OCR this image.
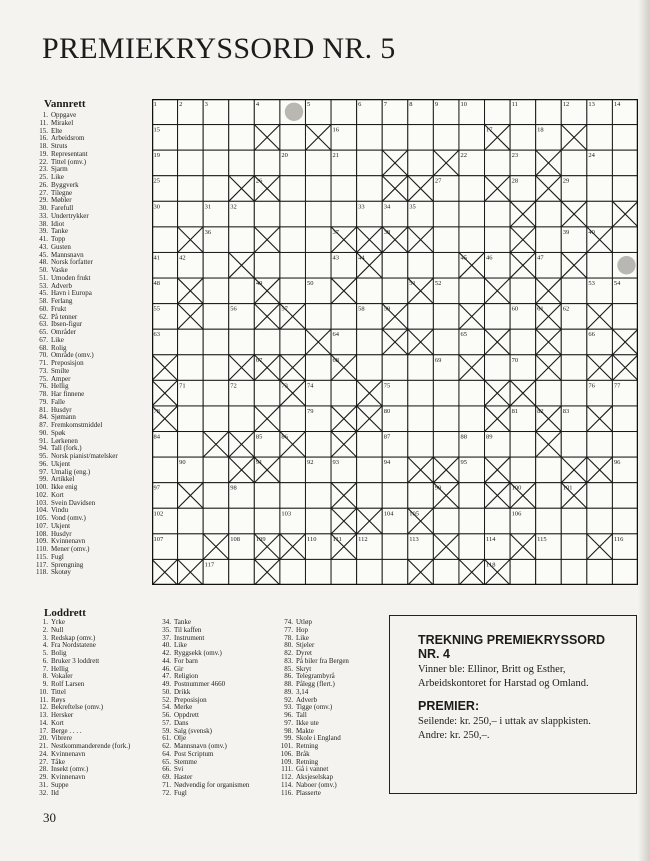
PREMIEKRYSSORD NR. 5
Vannrett
1. Oppgave
11. Mirakel
15. Elte
16. Arbeidsrom
18. Struts
19. Representant
22. Tittel (omv.)
23. Sjarm
25. Like
26. Byggverk
27. Tilegne
29. Møbler
30. Farefull
33. Undertrykker
38. Idiot
39. Tanke
41. Topp
43. Gusten
45. Mannsnavn
48. Norsk forfatter
50. Vaske
51. Umoden frukt
53. Adverb
45. Havn i Europa
58. Ferlang
60. Frukt
62. På tenner
63. Ibsen-figur
65. Områder
67. Like
68. Rolig
70. Område (omv.)
71. Preposisjon
73. Smilte
75. Amper
76. Hellig
78. Har finnene
79. Falle
81. Husdyr
84. Sjømann
87. Fremkomstmiddel
90. Spøk
91. Lørkenen
94. Tall (fork.)
95. Norsk pianist/matelsker
96. Ukjent
97. Umalig (eng.)
99. Artikkel
100. Ikke enig
102. Kort
103. Svein Davidsen
104. Vindu
105. Vond (omv.)
107. Ukjent
108. Husdyr
109. Kvinnenavn
110. Mener (omv.)
115. Fugl
117. Sprengning
118. Skotøy
1	2	3	4	5	6	7	8	9	10	11	12	13	14
15	16	17	18
19	20	21	22	23	24
25	26	27	28	29
30	31	32	33	34	35
36	37	38	39	40
41	42	43	44	45	46	47
48	49	50	51	52	53	54
55	56	57	58	59	60	61	62
63	64	65	66
67	68	69	70
71	72	73	74	75	76	77
78	79	80	81	82	83
84	85	86	87	88	89
90	91	92	93	94	95	96
97	98	99	100	101
102	103	104 105	106
107	108 109	110 111	112	113	114	115	116
117	118
Loddrett
1. Yrke
2. Null
3. Redskap (omv.)
4. Fra Nordstatene
5. Bolig
6. Bruker 3 loddrett
7. Hellig
8. Vokaler
9. Rolf Larsen
10. Tittel
11. Røys
12. Bekreftelse (omv.)
13. Hersker
14. Kort
17. Berge . . . .
20. Vibrere
21. Nestkommanderende (fork.)
24. Kvinnenavn
27. Tåke
28. Insekt (omv.)
29. Kvinnenavn
31. Suppe
32. Ild
34. Tanke
35. Til kaffen
37. Instrument
40. Like
42. Ryggsekk (omv.)
44. For barn
46. Gir
47. Religion
49. Postnummer 4660
50. Drikk
52. Preposisjon
54. Merke
56. Oppdrett
57. Dans
59. Salg (svensk)
61. Olje
62. Mannsnavn (omv.)
64. Post Scriptum
65. Stemme
66. Svi
69. Haster
71. Nødvendig for organismen
72. Fugl
74. Utløp
77. Hop
78. Like
80. Stjeler
82. Dyret
83. På biler fra Bergen
85. Skryt
86. Telegrambyrå
88. Pålegg (flert.)
89. 3,14
92. Adverb
93. Tigge (omv.)
96. Tall
97. Ikke ute
98. Makte
99. Skole i England
101. Retning
106. Bråk
109. Retning
111. Gå i vannet
112. Aksjeselskap
114. Naboer (omv.)
116. Plasserte
TREKNING PREMIEKRYSSORD NR. 4

Vinner ble: Ellinor, Britt og Esther, Arbeidskontoret for Harstad og Omland.

PREMIER:

Seilende: kr. 250,– i uttak av slappkisten.

Andre: kr. 250,–.

30
